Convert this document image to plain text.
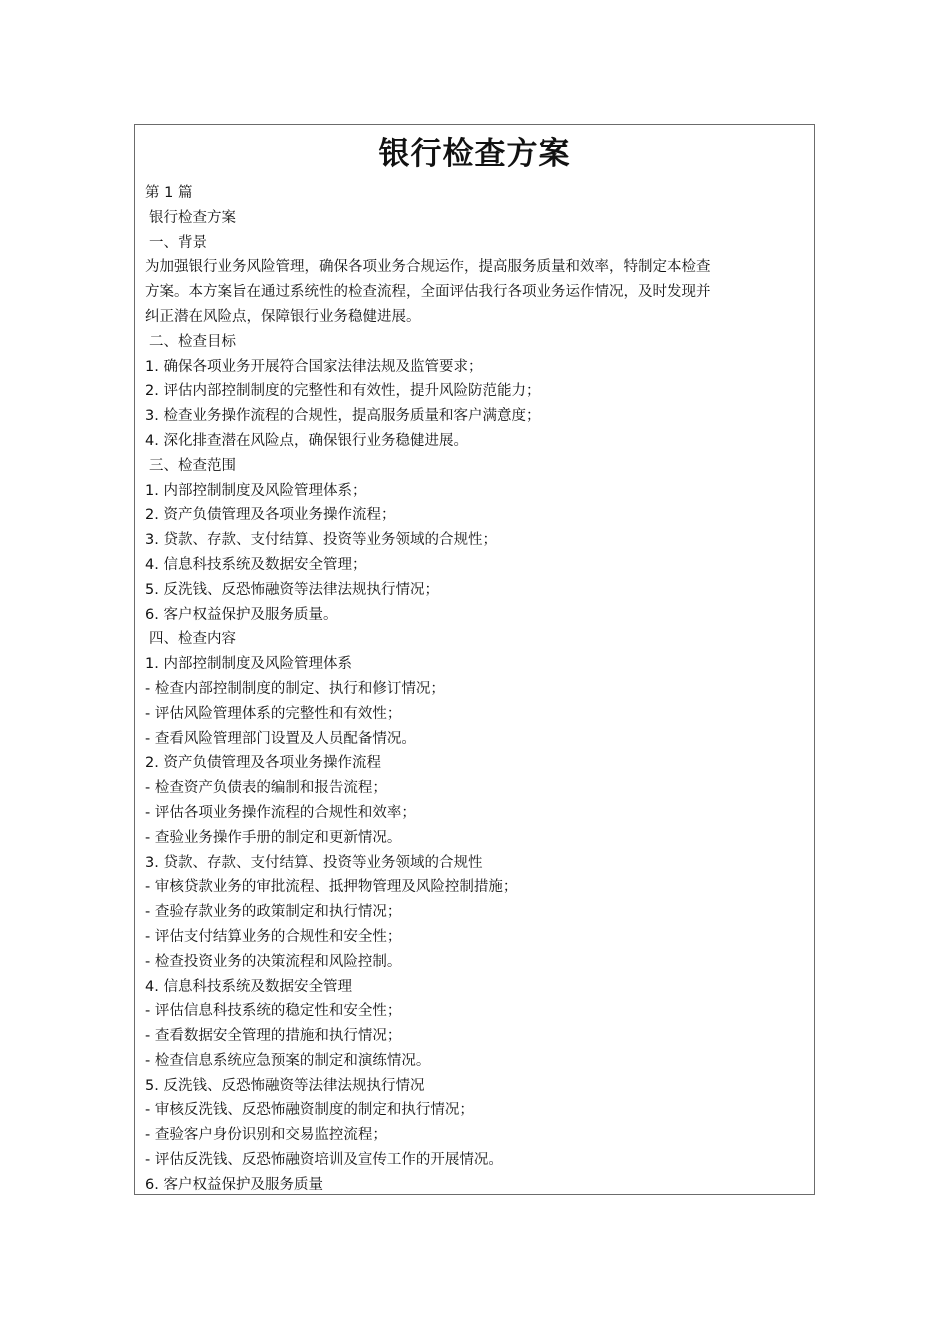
银行检查方案
第 1 篇
银行检查方案
一、背景
为加强银行业务风险管理，确保各项业务合规运作，提高服务质量和效率，特制定本检查
方案。本方案旨在通过系统性的检查流程，全面评估我行各项业务运作情况，及时发现并
纠正潜在风险点，保障银行业务稳健进展。
二、检查目标
1. 确保各项业务开展符合国家法律法规及监管要求；
2. 评估内部控制制度的完整性和有效性，提升风险防范能力；
3. 检查业务操作流程的合规性，提高服务质量和客户满意度；
4. 深化排查潜在风险点，确保银行业务稳健进展。
三、检查范围
1. 内部控制制度及风险管理体系；
2. 资产负债管理及各项业务操作流程；
3. 贷款、存款、支付结算、投资等业务领域的合规性；
4. 信息科技系统及数据安全管理；
5. 反洗钱、反恐怖融资等法律法规执行情况；
6. 客户权益保护及服务质量。
四、检查内容
1. 内部控制制度及风险管理体系
- 检查内部控制制度的制定、执行和修订情况；
- 评估风险管理体系的完整性和有效性；
- 查看风险管理部门设置及人员配备情况。
2. 资产负债管理及各项业务操作流程
- 检查资产负债表的编制和报告流程；
- 评估各项业务操作流程的合规性和效率；
- 查验业务操作手册的制定和更新情况。
3. 贷款、存款、支付结算、投资等业务领域的合规性
- 审核贷款业务的审批流程、抵押物管理及风险控制措施；
- 查验存款业务的政策制定和执行情况；
- 评估支付结算业务的合规性和安全性；
- 检查投资业务的决策流程和风险控制。
4. 信息科技系统及数据安全管理
- 评估信息科技系统的稳定性和安全性；
- 查看数据安全管理的措施和执行情况；
- 检查信息系统应急预案的制定和演练情况。
5. 反洗钱、反恐怖融资等法律法规执行情况
- 审核反洗钱、反恐怖融资制度的制定和执行情况；
- 查验客户身份识别和交易监控流程；
- 评估反洗钱、反恐怖融资培训及宣传工作的开展情况。
6. 客户权益保护及服务质量
